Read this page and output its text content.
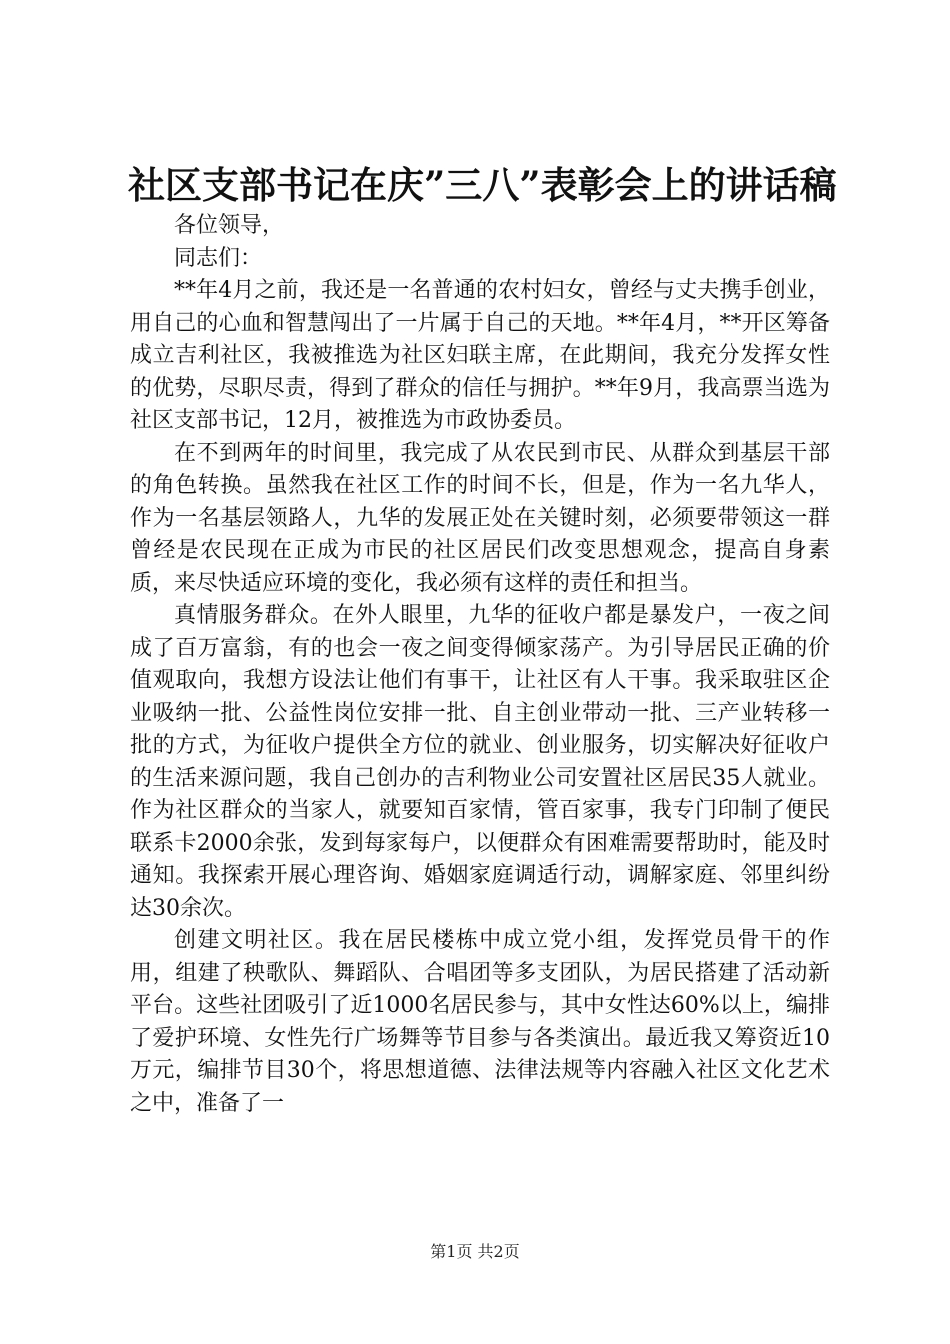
社区支部书记在庆”三八”表彰会上的讲话稿

各位领导，

同志们：

**年4月之前，我还是一名普通的农村妇女，曾经与丈夫携手创业，用自己的心血和智慧闯出了一片属于自己的天地。**年4月，**开区筹备成立吉利社区，我被推选为社区妇联主席，在此期间，我充分发挥女性的优势，尽职尽责，得到了群众的信任与拥护。**年9月，我高票当选为社区支部书记，12月，被推选为市政协委员。

在不到两年的时间里，我完成了从农民到市民、从群众到基层干部的角色转换。虽然我在社区工作的时间不长，但是，作为一名九华人，作为一名基层领路人，九华的发展正处在关键时刻，必须要带领这一群曾经是农民现在正成为市民的社区居民们改变思想观念，提高自身素质，来尽快适应环境的变化，我必须有这样的责任和担当。

真情服务群众。在外人眼里，九华的征收户都是暴发户，一夜之间成了百万富翁，有的也会一夜之间变得倾家荡产。为引导居民正确的价值观取向，我想方设法让他们有事干，让社区有人干事。我采取驻区企业吸纳一批、公益性岗位安排一批、自主创业带动一批、三产业转移一批的方式，为征收户提供全方位的就业、创业服务，切实解决好征收户的生活来源问题，我自己创办的吉利物业公司安置社区居民35人就业。作为社区群众的当家人，就要知百家情，管百家事，我专门印制了便民联系卡2000余张，发到每家每户，以便群众有困难需要帮助时，能及时通知。我探索开展心理咨询、婚姻家庭调适行动，调解家庭、邻里纠纷达30余次。

创建文明社区。我在居民楼栋中成立党小组，发挥党员骨干的作用，组建了秧歌队、舞蹈队、合唱团等多支团队，为居民搭建了活动新平台。这些社团吸引了近1000名居民参与，其中女性达60%以上，编排了爱护环境、女性先行广场舞等节目参与各类演出。最近我又筹资近10万元，编排节目30个，将思想道德、法律法规等内容融入社区文化艺术之中，准备了一

第1页 共2页
